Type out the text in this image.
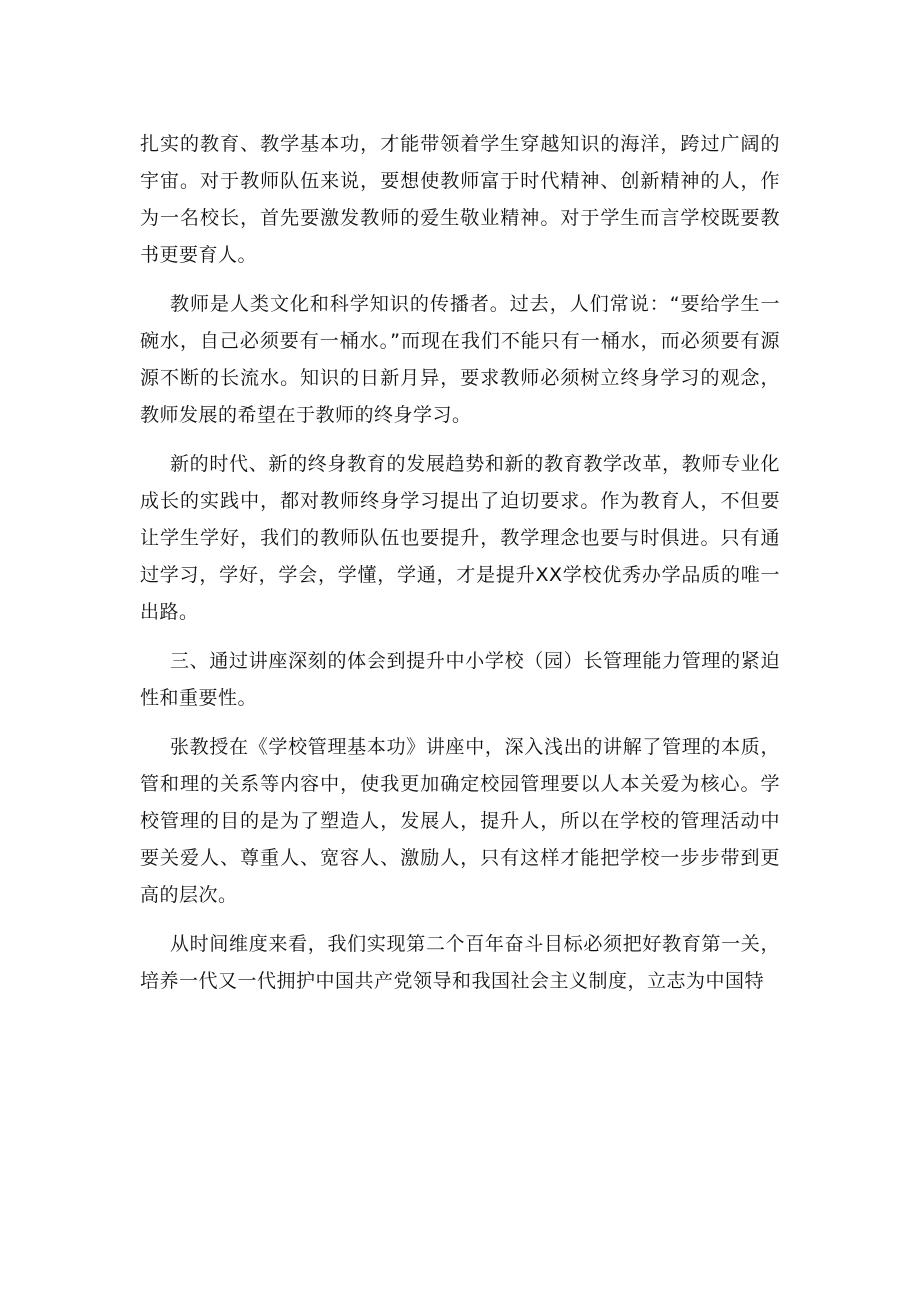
扎实的教育、教学基本功，才能带领着学生穿越知识的海洋，跨过广阔的宇宙。对于教师队伍来说，要想使教师富于时代精神、创新精神的人，作为一名校长，首先要激发教师的爱生敬业精神。对于学生而言学校既要教书更要育人。

教师是人类文化和科学知识的传播者。过去，人们常说：“要给学生一碗水，自己必须要有一桶水。”而现在我们不能只有一桶水，而必须要有源源不断的长流水。知识的日新月异，要求教师必须树立终身学习的观念，教师发展的希望在于教师的终身学习。

新的时代、新的终身教育的发展趋势和新的教育教学改革，教师专业化成长的实践中，都对教师终身学习提出了迫切要求。作为教育人，不但要让学生学好，我们的教师队伍也要提升，教学理念也要与时俱进。只有通过学习，学好，学会，学懂，学通，才是提升XX学校优秀办学品质的唯一出路。

三、通过讲座深刻的体会到提升中小学校（园）长管理能力管理的紧迫性和重要性。

张教授在《学校管理基本功》讲座中，深入浅出的讲解了管理的本质，管和理的关系等内容中，使我更加确定校园管理要以人本关爱为核心。学校管理的目的是为了塑造人，发展人，提升人，所以在学校的管理活动中要关爱人、尊重人、宽容人、激励人，只有这样才能把学校一步步带到更高的层次。

从时间维度来看，我们实现第二个百年奋斗目标必须把好教育第一关，培养一代又一代拥护中国共产党领导和我国社会主义制度，立志为中国特
